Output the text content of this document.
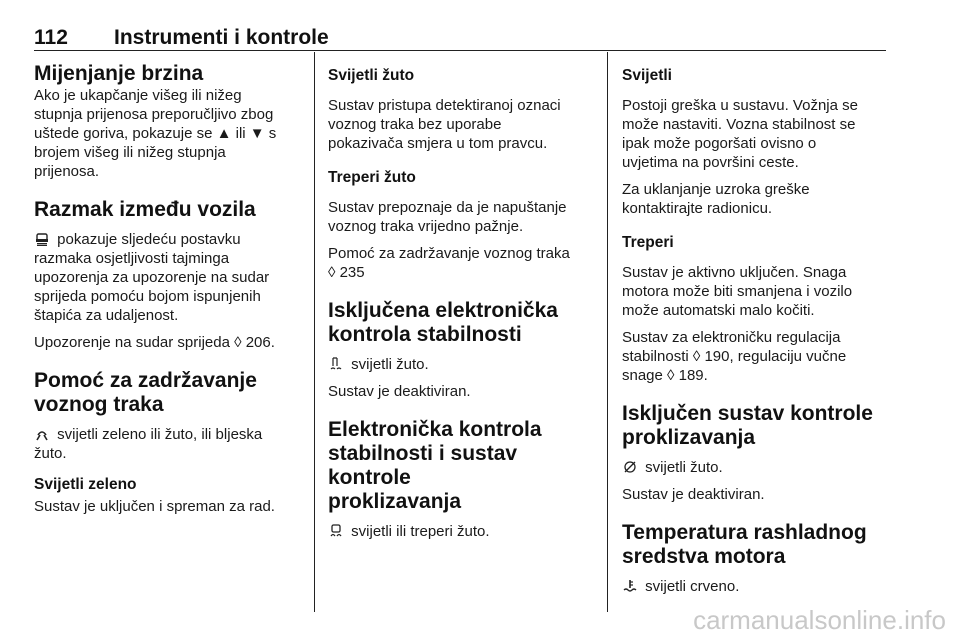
112 Instrumenti i kontrole
Mijenjanje brzina

Ako je ukapčanje višeg ili nižeg
stupnja prijenosa preporučljivo zbog
uštede goriva, pokazuje se ▲ ili ▼ s
brojem višeg ili nižeg stupnja
prijenosa.

Razmak između vozila

pokazuje sljedeću postavku
razmaka osjetljivosti tajminga
upozorenja za upozorenje na sudar
sprijeda pomoću bojom ispunjenih
štapića za udaljenost.

Upozorenje na sudar sprijeda ◊ 206.

Pomoć za zadržavanje
voznog traka

svijetli zeleno ili žuto, ili bljeska
žuto.

Svijetli zeleno

Sustav je uključen i spreman za rad.

Svijetli žuto

Sustav pristupa detektiranoj oznaci
voznog traka bez uporabe
pokazivača smjera u tom pravcu.

Treperi žuto

Sustav prepoznaje da je napuštanje
voznog traka vrijedno pažnje.

Pomoć za zadržavanje voznog traka
◊ 235

Isključena elektronička
kontrola stabilnosti

svijetli žuto.

Sustav je deaktiviran.

Elektronička kontrola
stabilnosti i sustav kontrole
proklizavanja

svijetli ili treperi žuto.

Svijetli

Postoji greška u sustavu. Vožnja se
može nastaviti. Vozna stabilnost se
ipak može pogoršati ovisno o
uvjetima na površini ceste.

Za uklanjanje uzroka greške
kontaktirajte radionicu.

Treperi

Sustav je aktivno uključen. Snaga
motora može biti smanjena i vozilo
može automatski malo kočiti.

Sustav za elektroničku regulacija
stabilnosti ◊ 190, regulaciju vučne
snage ◊ 189.

Isključen sustav kontrole
proklizavanja

svijetli žuto.

Sustav je deaktiviran.

Temperatura rashladnog
sredstva motora

svijetli crveno.

carmanualsonline.info
